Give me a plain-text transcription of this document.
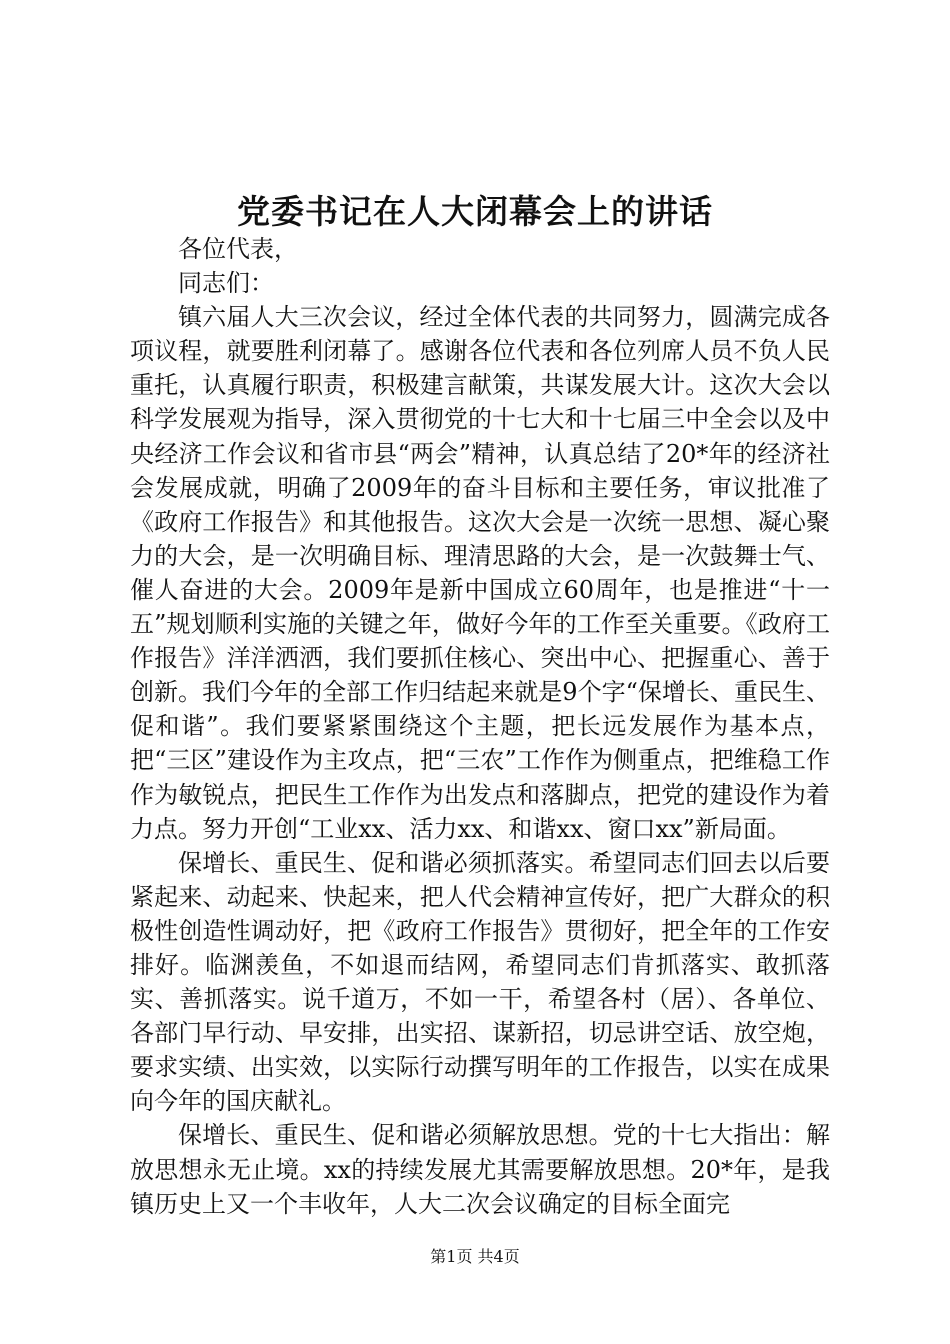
党委书记在人大闭幕会上的讲话

各位代表，

同志们：

镇六届人大三次会议，经过全体代表的共同努力，圆满完成各项议程，就要胜利闭幕了。感谢各位代表和各位列席人员不负人民重托，认真履行职责，积极建言献策，共谋发展大计。这次大会以科学发展观为指导，深入贯彻党的十七大和十七届三中全会以及中央经济工作会议和省市县“两会”精神，认真总结了20*年的经济社会发展成就，明确了2009年的奋斗目标和主要任务，审议批准了《政府工作报告》和其他报告。这次大会是一次统一思想、凝心聚力的大会，是一次明确目标、理清思路的大会，是一次鼓舞士气、催人奋进的大会。2009年是新中国成立60周年，也是推进“十一五”规划顺利实施的关键之年，做好今年的工作至关重要。《政府工作报告》洋洋洒洒，我们要抓住核心、突出中心、把握重心、善于创新。我们今年的全部工作归结起来就是9个字“保增长、重民生、促和谐”。我们要紧紧围绕这个主题，把长远发展作为基本点，把“三区”建设作为主攻点，把“三农”工作作为侧重点，把维稳工作作为敏锐点，把民生工作作为出发点和落脚点，把党的建设作为着力点。努力开创“工业xx、活力xx、和谐xx、窗口xx”新局面。

保增长、重民生、促和谐必须抓落实。希望同志们回去以后要紧起来、动起来、快起来，把人代会精神宣传好，把广大群众的积极性创造性调动好，把《政府工作报告》贯彻好，把全年的工作安排好。临渊羡鱼，不如退而结网，希望同志们肯抓落实、敢抓落实、善抓落实。说千道万，不如一干，希望各村（居）、各单位、各部门早行动、早安排，出实招、谋新招，切忌讲空话、放空炮，要求实绩、出实效，以实际行动撰写明年的工作报告，以实在成果向今年的国庆献礼。

保增长、重民生、促和谐必须解放思想。党的十七大指出：解放思想永无止境。xx的持续发展尤其需要解放思想。20*年，是我镇历史上又一个丰收年，人大二次会议确定的目标全面完

第1页 共4页
